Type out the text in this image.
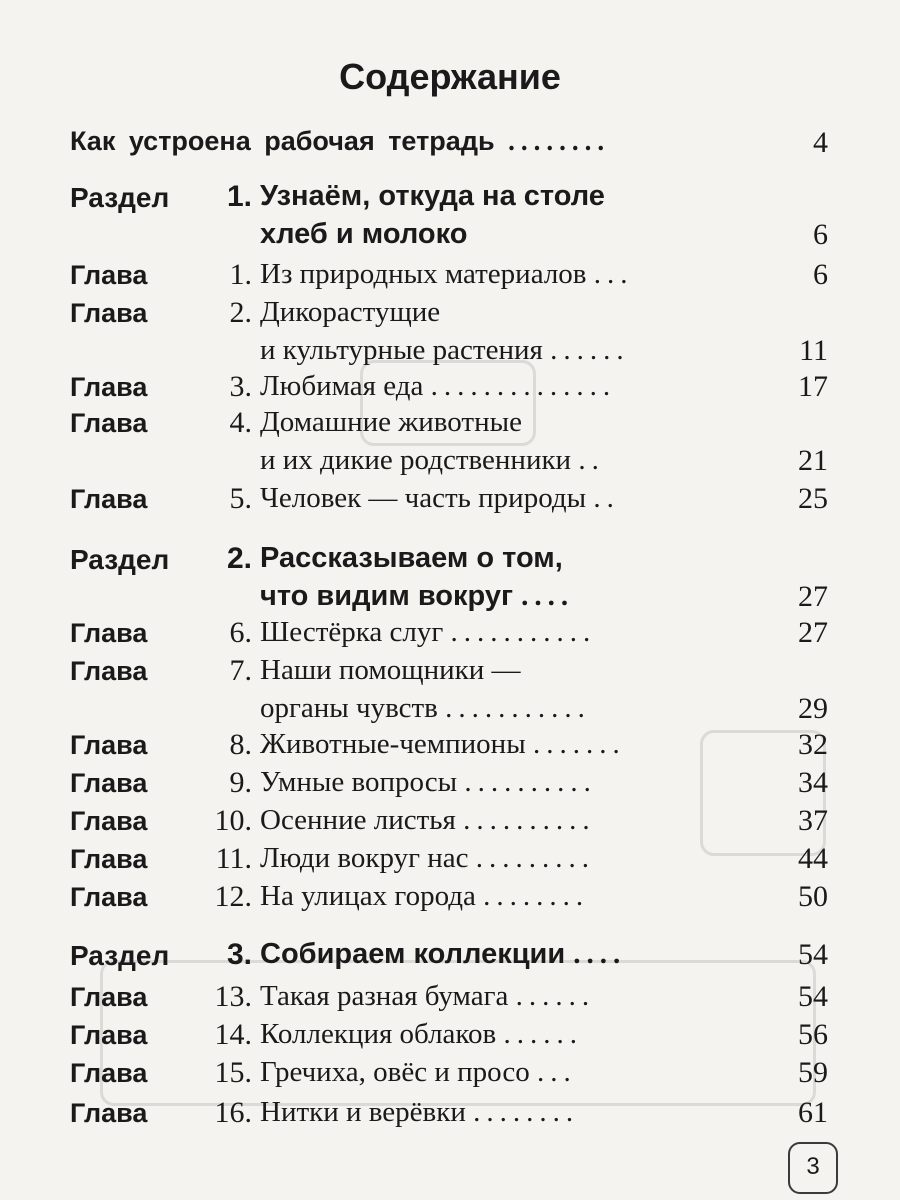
Содержание
Как устроена рабочая тетрадь ........	4
Раздел 1. Узнаём, откуда на столе
хлеб и молоко	6
Глава	1. Из природных материалов ...	6
Глава	2. Дикорастущие
и культурные растения ......	11
Глава	3. Любимая еда ..............	17
Глава	4. Домашние животные
и их дикие родственники ..	21
Глава	5. Человек — часть природы ..	25
Раздел 2. Рассказываем о том,
что видим вокруг ....	27
Глава	6. Шестёрка слуг ...........	27
Глава	7. Наши помощники —
органы чувств ...........	29
Глава	8. Животные-чемпионы .......	32
Глава	9. Умные вопросы ..........	34
Глава 10. Осенние листья ..........	37
Глава 11. Люди вокруг нас .........	44
Глава 12. На улицах города ........	50
Раздел 3. Собираем коллекции ....	54
Глава 13. Такая разная бумага ......	54
Глава 14. Коллекция облаков ......	56
Глава 15. Гречиха, овёс и просо ...	59
Глава 16. Нитки и верёвки ........	61
3
